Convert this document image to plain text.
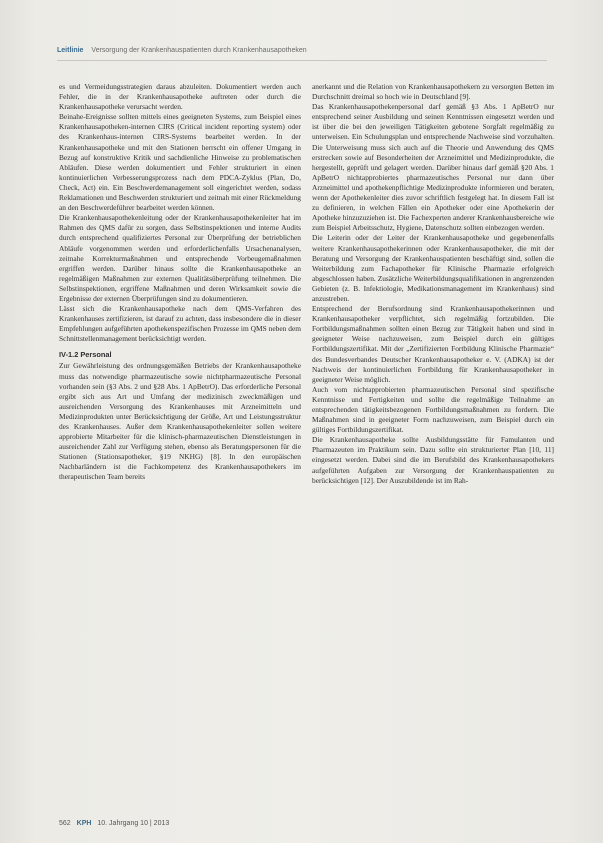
Leitlinie Versorgung der Krankenhauspatienten durch Krankenhausapotheken

es und Vermeidungsstrategien daraus abzuleiten. Dokumentiert werden auch Fehler, die in der Krankenhausapotheke auftreten oder durch die Krankenhausapotheke verursacht werden.

Beinahe-Ereignisse sollten mittels eines geeigneten Systems, zum Beispiel eines Krankenhausapotheken-internen CIRS (Critical incident reporting system) oder des Krankenhaus-internen CIRS-Systems bearbeitet werden. In der Krankenhausapotheke und mit den Stationen herrscht ein offener Umgang in Bezug auf konstruktive Kritik und sachdienliche Hinweise zu problematischen Abläufen. Diese werden dokumentiert und Fehler strukturiert in einen kontinuierlichen Verbesserungsprozess nach dem PDCA-Zyklus (Plan, Do, Check, Act) ein. Ein Beschwerdemanagement soll eingerichtet werden, sodass Reklamationen und Beschwerden strukturiert und zeitnah mit einer Rückmeldung an den Beschwerdeführer bearbeitet werden können.

Die Krankenhausapothekenleitung oder der Krankenhausapothekenleiter hat im Rahmen des QMS dafür zu sorgen, dass Selbstinspektionen und interne Audits durch entsprechend qualifiziertes Personal zur Überprüfung der betrieblichen Abläufe vorgenommen werden und erforderlichenfalls Ursachenanalysen, zeitnahe Korrekturmaßnahmen und entsprechende Vorbeugemaßnahmen ergriffen werden. Darüber hinaus sollte die Krankenhausapotheke an regelmäßigen Maßnahmen zur externen Qualitätsüberprüfung teilnehmen. Die Selbstinspektionen, ergriffene Maßnahmen und deren Wirksamkeit sowie die Ergebnisse der externen Überprüfungen sind zu dokumentieren.

Lässt sich die Krankenhausapotheke nach dem QMS-Verfahren des Krankenhauses zertifizieren, ist darauf zu achten, dass insbesondere die in dieser Empfehlungen aufgeführten apothekenspezifischen Prozesse im QMS neben dem Schnittstellenmanagement berücksichtigt werden.

IV-1.2 Personal

Zur Gewährleistung des ordnungsgemäßen Betriebs der Krankenhausapotheke muss das notwendige pharmazeutische sowie nichtpharmazeutische Personal vorhanden sein (§3 Abs. 2 und §28 Abs. 1 ApBetrO). Das erforderliche Personal ergibt sich aus Art und Umfang der medizinisch zweckmäßigen und ausreichenden Versorgung des Krankenhauses mit Arzneimitteln und Medizinprodukten unter Berücksichtigung der Größe, Art und Leistungsstruktur des Krankenhauses. Außer dem Krankenhausapothekenleiter sollen weitere approbierte Mitarbeiter für die klinisch-pharmazeutischen Dienstleistungen in ausreichender Zahl zur Verfügung stehen, ebenso als Beratungspersonen für die Stationen (Stationsapotheker, §19 NKHG) [8]. In den europäischen Nachbarländern ist die Fachkompetenz des Krankenhausapothekers im therapeutischen Team bereits

anerkannt und die Relation von Krankenhausapothekern zu versorgten Betten im Durchschnitt dreimal so hoch wie in Deutschland [9].

Das Krankenhausapothekenpersonal darf gemäß §3 Abs. 1 ApBetrO nur entsprechend seiner Ausbildung und seinen Kenntnissen eingesetzt werden und ist über die bei den jeweiligen Tätigkeiten gebotene Sorgfalt regelmäßig zu unterweisen. Ein Schulungsplan und entsprechende Nachweise sind vorzuhalten. Die Unterweisung muss sich auch auf die Theorie und Anwendung des QMS erstrecken sowie auf Besonderheiten der Arzneimittel und Medizinprodukte, die hergestellt, geprüft und gelagert werden. Darüber hinaus darf gemäß §20 Abs. 1 ApBetrO nichtapprobiertes pharmazeutisches Personal nur dann über Arzneimittel und apothekenpflichtige Medizinprodukte informieren und beraten, wenn der Apothekenleiter dies zuvor schriftlich festgelegt hat. In diesem Fall ist zu definieren, in welchen Fällen ein Apotheker oder eine Apothekerin der Apotheke hinzuzuziehen ist. Die Fachexperten anderer Krankenhausbereiche wie zum Beispiel Arbeitsschutz, Hygiene, Datenschutz sollten einbezogen werden.

Die Leiterin oder der Leiter der Krankenhausapotheke und gegebenenfalls weitere Krankenhausapothekerinnen oder Krankenhausapotheker, die mit der Beratung und Versorgung der Krankenhauspatienten beschäftigt sind, sollen die Weiterbildung zum Fachapotheker für Klinische Pharmazie erfolgreich abgeschlossen haben. Zusätzliche Weiterbildungsqualifikationen in angrenzenden Gebieten (z. B. Infektiologie, Medikationsmanagement im Krankenhaus) sind anzustreben.

Entsprechend der Berufsordnung sind Krankenhausapothekerinnen und Krankenhausapotheker verpflichtet, sich regelmäßig fortzubilden. Die Fortbildungsmaßnahmen sollten einen Bezug zur Tätigkeit haben und sind in geeigneter Weise nachzuweisen, zum Beispiel durch ein gültiges Fortbildungszertifikat. Mit der „Zertifizierten Fortbildung Klinische Pharmazie“ des Bundesverbandes Deutscher Krankenhausapotheker e. V. (ADKA) ist der Nachweis der kontinuierlichen Fortbildung für Krankenhausapotheker in geeigneter Weise möglich.

Auch vom nichtapprobierten pharmazeutischen Personal sind spezifische Kenntnisse und Fertigkeiten und sollte die regelmäßige Teilnahme an entsprechenden tätigkeitsbezogenen Fortbildungsmaßnahmen zu fordern. Die Maßnahmen sind in geeigneter Form nachzuweisen, zum Beispiel durch ein gültiges Fortbildungszertifikat.

Die Krankenhausapotheke sollte Ausbildungsstätte für Famulanten und Pharmazeuten im Praktikum sein. Dazu sollte ein strukturierter Plan [10, 11] eingesetzt werden. Dabei sind die im Berufsbild des Krankenhausapothekers aufgeführten Aufgaben zur Versorgung der Krankenhauspatienten zu berücksichtigen [12]. Der Auszubildende ist im Rah-

562 KPH 10. Jahrgang 10 | 2013
